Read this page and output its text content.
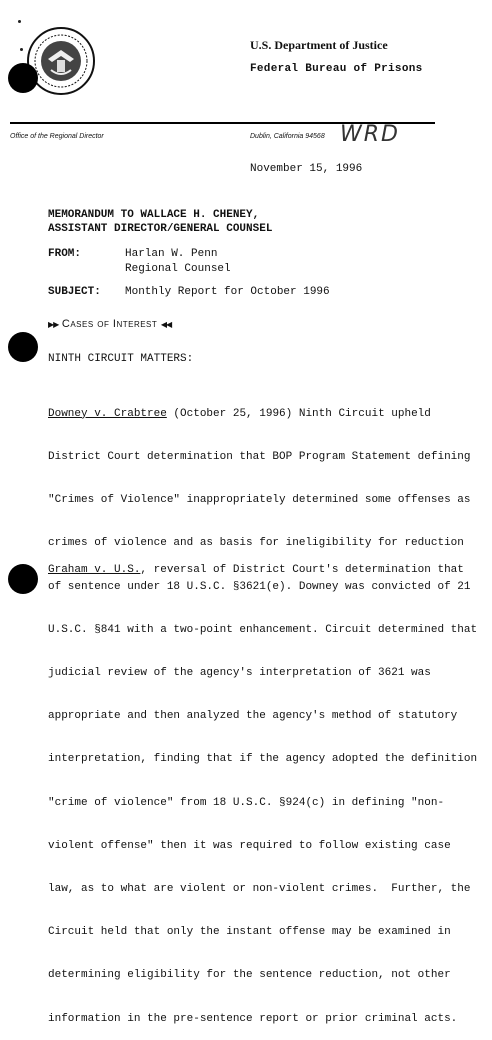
U.S. Department of Justice
Federal Bureau of Prisons
Office of the Regional Director	Dublin, California 94568 WRD
November 15, 1996
MEMORANDUM TO WALLACE H. CHENEY,
ASSISTANT DIRECTOR/GENERAL COUNSEL
FROM:	Harlan W. Penn
Regional Counsel
SUBJECT: Monthly Report for October 1996
▶▶ Cases of Interest ◀◀
NINTH CIRCUIT MATTERS:

Downey v. Crabtree (October 25, 1996) Ninth Circuit upheld

District Court determination that BOP Program Statement defining

"Crimes of Violence" inappropriately determined some offenses as

crimes of violence and as basis for ineligibility for reduction

of sentence under 18 U.S.C. §3621(e). Downey was convicted of 21

U.S.C. §841 with a two-point enhancement. Circuit determined that

judicial review of the agency's interpretation of 3621 was

appropriate and then analyzed the agency's method of statutory

interpretation, finding that if the agency adopted the definition

"crime of violence" from 18 U.S.C. §924(c) in defining "non-

violent offense" then it was required to follow existing case

law, as to what are violent or non-violent crimes.  Further, the

Circuit held that only the instant offense may be examined in

determining eligibility for the sentence reduction, not other

information in the pre-sentence report or prior criminal acts.

Graham v. U.S., reversal of District Court's determination that
